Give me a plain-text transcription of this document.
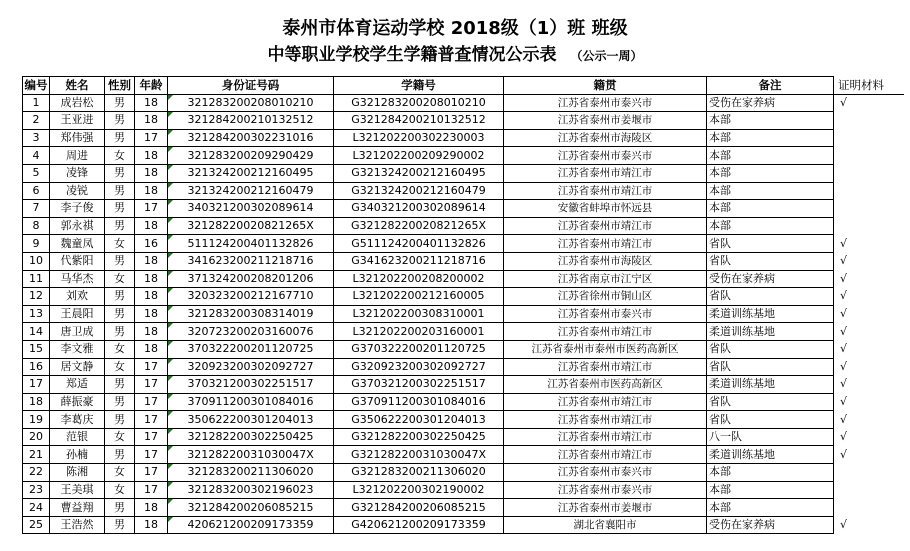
泰州市体育运动学校 2018级（1）班 班级
中等职业学校学生学籍普查情况公示表 （公示一周）
编号	姓名	性别	年龄	身份证号码	学籍号	籍贯	备注	证明材料
1	成岩松	男	18	321283200208010210	G321283200208010210	江苏省泰州市泰兴市	受伤在家养病	√
2	王亚进	男	18	321284200210132512	G321284200210132512	江苏省泰州市姜堰市	本部	
3	郑伟强	男	17	321284200302231016	L321202200302230003	江苏省泰州市海陵区	本部	
4	周进	女	18	321283200209290429	L321202200209290002	江苏省泰州市泰兴市	本部	
5	凌锋	男	18	321324200212160495	G321324200212160495	江苏省泰州市靖江市	本部	
6	凌锐	男	18	321324200212160479	G321324200212160479	江苏省泰州市靖江市	本部	
7	李子俊	男	17	340321200302089614	G340321200302089614	安徽省蚌埠市怀远县	本部	
8	郭永祺	男	18	32128220020821265X	G32128220020821265X	江苏省泰州市靖江市	本部	
9	魏童凤	女	16	511124200401132826	G511124200401132826	江苏省泰州市靖江市	省队	√
10	代紫阳	男	18	341623200211218716	G341623200211218716	江苏省泰州市海陵区	省队	√
11	马华杰	女	18	371324200208201206	L321202200208200002	江苏省南京市江宁区	受伤在家养病	√
12	刘欢	男	18	320323200212167710	L321202200212160005	江苏省徐州市铜山区	省队	√
13	王晨阳	男	18	321283200308314019	L321202200308310001	江苏省泰州市泰兴市	柔道训练基地	√
14	唐卫成	男	18	320723200203160076	L321202200203160001	江苏省泰州市靖江市	柔道训练基地	√
15	李文雅	女	18	370322200201120725	G370322200201120725	江苏省泰州市泰州市医药高新区	省队	√
16	居文静	女	17	320923200302092727	G320923200302092727	江苏省泰州市靖江市	省队	√
17	郑适	男	17	370321200302251517	G370321200302251517	江苏省泰州市医药高新区	柔道训练基地	√
18	薛振豪	男	17	370911200301084016	G370911200301084016	江苏省泰州市靖江市	省队	√
19	李葛庆	男	17	350622200301204013	G350622200301204013	江苏省泰州市靖江市	省队	√
20	范银	女	17	321282200302250425	G321282200302250425	江苏省泰州市靖江市	八一队	√
21	孙楠	男	17	32128220031030047X	G32128220031030047X	江苏省泰州市靖江市	柔道训练基地	√
22	陈湘	女	17	321283200211306020	G321283200211306020	江苏省泰州市泰兴市	本部	
23	王美琪	女	17	321283200302196023	L321202200302190002	江苏省泰州市泰兴市	本部	
24	曹益翔	男	18	321284200206085215	G321284200206085215	江苏省泰州市姜堰市	本部	
25	王浩然	男	18	420621200209173359	G420621200209173359	湖北省襄阳市	受伤在家养病	√
